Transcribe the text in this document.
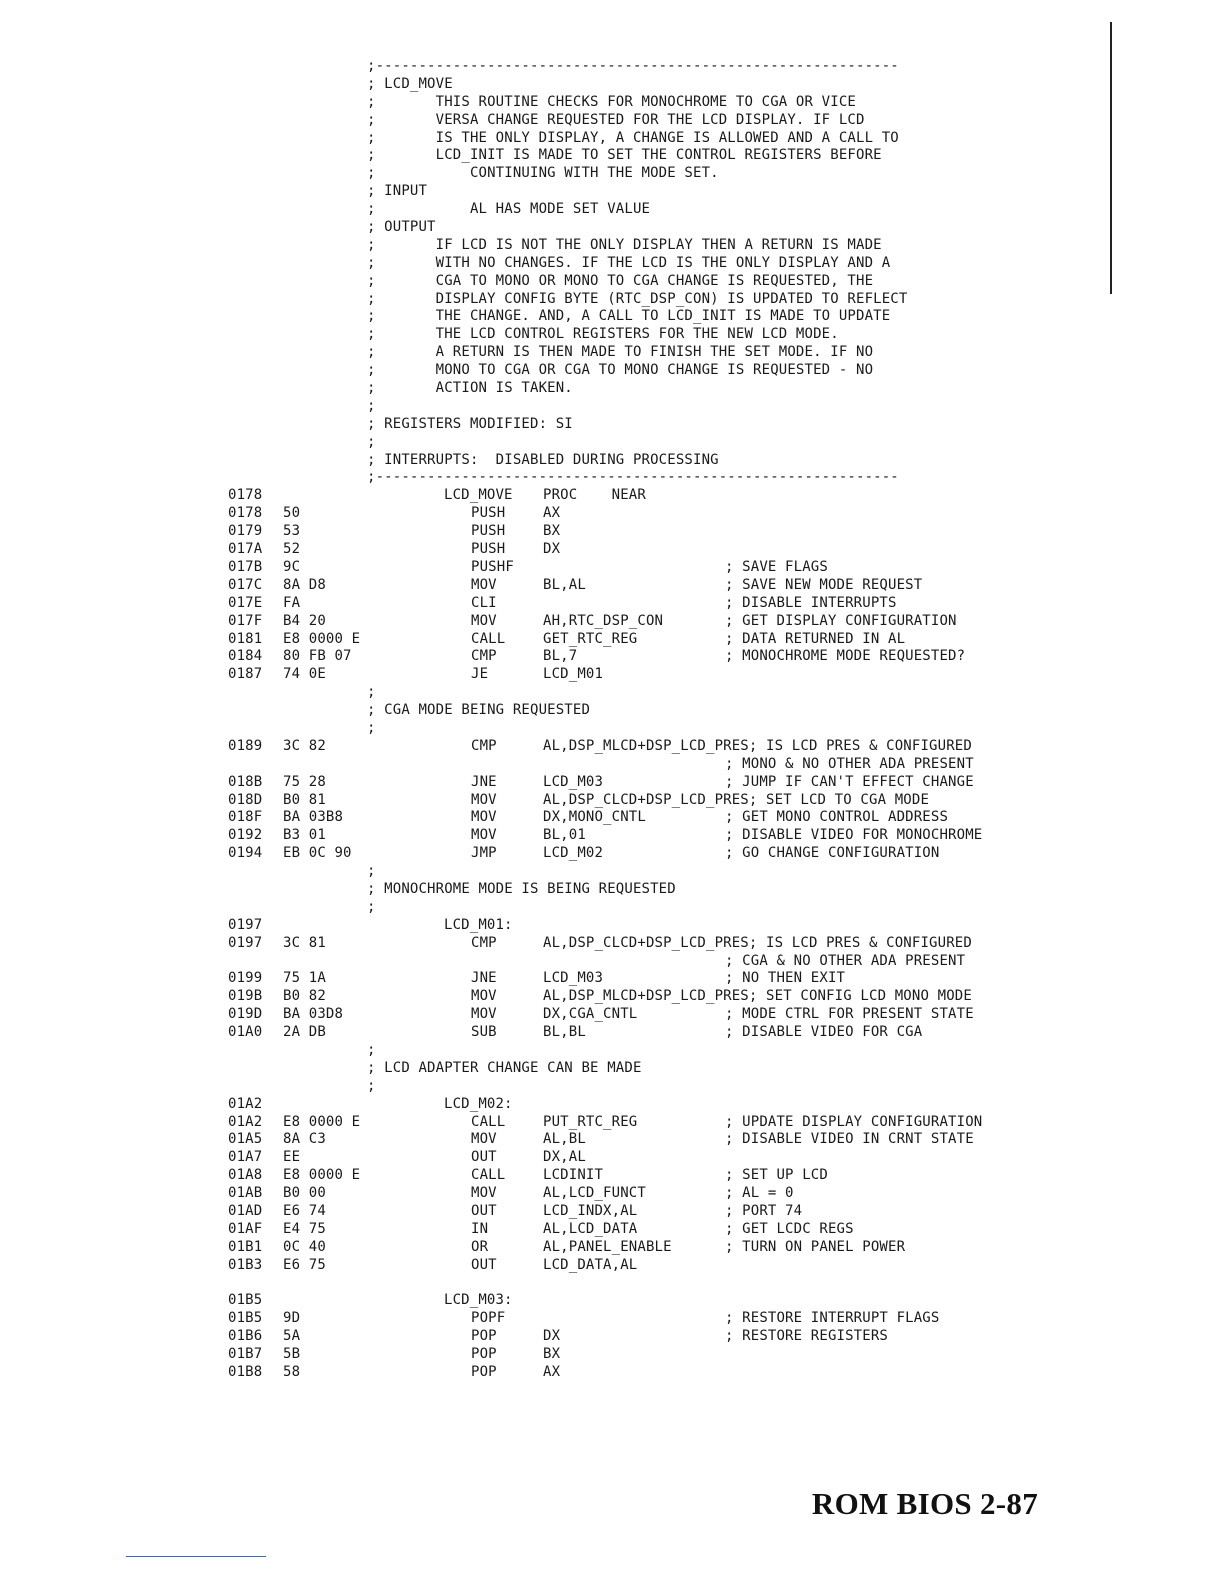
;-------------------------------------------------------------
; LCD_MOVE
;       THIS ROUTINE CHECKS FOR MONOCHROME TO CGA OR VICE
;       VERSA CHANGE REQUESTED FOR THE LCD DISPLAY. IF LCD
;       IS THE ONLY DISPLAY, A CHANGE IS ALLOWED AND A CALL TO
;       LCD_INIT IS MADE TO SET THE CONTROL REGISTERS BEFORE
;           CONTINUING WITH THE MODE SET.
; INPUT
;           AL HAS MODE SET VALUE
; OUTPUT
;       IF LCD IS NOT THE ONLY DISPLAY THEN A RETURN IS MADE
;       WITH NO CHANGES. IF THE LCD IS THE ONLY DISPLAY AND A
;       CGA TO MONO OR MONO TO CGA CHANGE IS REQUESTED, THE
;       DISPLAY CONFIG BYTE (RTC_DSP_CON) IS UPDATED TO REFLECT
;       THE CHANGE. AND, A CALL TO LCD_INIT IS MADE TO UPDATE
;       THE LCD CONTROL REGISTERS FOR THE NEW LCD MODE.
;       A RETURN IS THEN MADE TO FINISH THE SET MODE. IF NO
;       MONO TO CGA OR CGA TO MONO CHANGE IS REQUESTED - NO
;       ACTION IS TAKEN.
;
; REGISTERS MODIFIED: SI
;
; INTERRUPTS:  DISABLED DURING PROCESSING
;-------------------------------------------------------------
0178	LCD_MOVE PROC    NEAR
0178 50	PUSH	AX
0179 53	PUSH	BX
017A 52	PUSH	DX
017B 9C	PUSHF	; SAVE FLAGS
017C 8A D8	MOV	BL,AL	; SAVE NEW MODE REQUEST
017E FA	CLI	; DISABLE INTERRUPTS
017F B4 20	MOV	AH,RTC_DSP_CON	; GET DISPLAY CONFIGURATION
0181 E8 0000 E	CALL	GET_RTC_REG	; DATA RETURNED IN AL
0184 80 FB 07	CMP	BL,7	; MONOCHROME MODE REQUESTED?
0187 74 0E	JE	LCD_M01
;
; CGA MODE BEING REQUESTED
;
0189 3C 82	CMP	AL,DSP_MLCD+DSP_LCD_PRES; IS LCD PRES & CONFIGURED
; MONO & NO OTHER ADA PRESENT
018B 75 28	JNE	LCD_M03	; JUMP IF CAN'T EFFECT CHANGE
018D B0 81	MOV	AL,DSP_CLCD+DSP_LCD_PRES; SET LCD TO CGA MODE
018F BA 03B8	MOV	DX,MONO_CNTL	; GET MONO CONTROL ADDRESS
0192 B3 01	MOV	BL,01	; DISABLE VIDEO FOR MONOCHROME
0194 EB 0C 90	JMP	LCD_M02	; GO CHANGE CONFIGURATION
;
; MONOCHROME MODE IS BEING REQUESTED
;
0197	LCD_M01:
0197 3C 81	CMP	AL,DSP_CLCD+DSP_LCD_PRES; IS LCD PRES & CONFIGURED
; CGA & NO OTHER ADA PRESENT
0199 75 1A	JNE	LCD_M03	; NO THEN EXIT
019B B0 82	MOV	AL,DSP_MLCD+DSP_LCD_PRES; SET CONFIG LCD MONO MODE
019D BA 03D8	MOV	DX,CGA_CNTL	; MODE CTRL FOR PRESENT STATE
01A0 2A DB	SUB	BL,BL	; DISABLE VIDEO FOR CGA
;
; LCD ADAPTER CHANGE CAN BE MADE
;
01A2	LCD_M02:
01A2 E8 0000 E	CALL	PUT_RTC_REG	; UPDATE DISPLAY CONFIGURATION
01A5 8A C3	MOV	AL,BL	; DISABLE VIDEO IN CRNT STATE
01A7 EE	OUT	DX,AL
01A8 E8 0000 E	CALL	LCDINIT	; SET UP LCD
01AB B0 00	MOV	AL,LCD_FUNCT	; AL = 0
01AD E6 74	OUT	LCD_INDX,AL	; PORT 74
01AF E4 75	IN	AL,LCD_DATA	; GET LCDC REGS
01B1 0C 40	OR	AL,PANEL_ENABLE	; TURN ON PANEL POWER
01B3 E6 75	OUT	LCD_DATA,AL
01B5	LCD_M03:
01B5 9D	POPF	; RESTORE INTERRUPT FLAGS
01B6 5A	POP	DX	; RESTORE REGISTERS
01B7 5B	POP	BX
01B8 58	POP	AX
ROM BIOS 2-87
